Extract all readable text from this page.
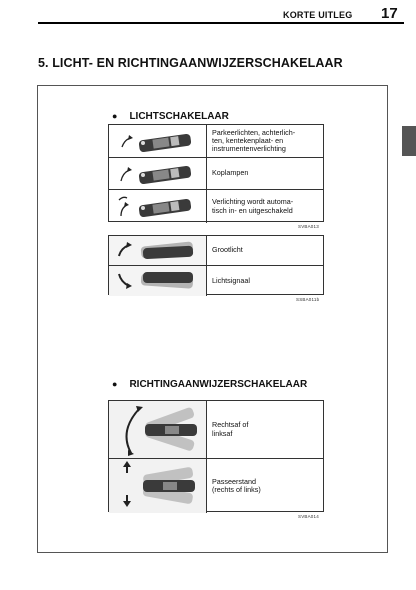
KORTE UITLEG 17
5. LICHT- EN RICHTINGAANWIJZERSCHAKELAAR
● LICHTSCHAKELAAR
Parkeerlichten, achterlich-
ten, kentekenplaat- en
instrumentenverlichting
Koplampen
Verlichting wordt automa-
tisch in- en uitgeschakeld
SVBA013
Grootlicht
Lichtsignaal
SSBA011b
● RICHTINGAANWIJZERSCHAKELAAR
Rechtsaf of
linksaf
Passeerstand
(rechts of links)
SVBA014
